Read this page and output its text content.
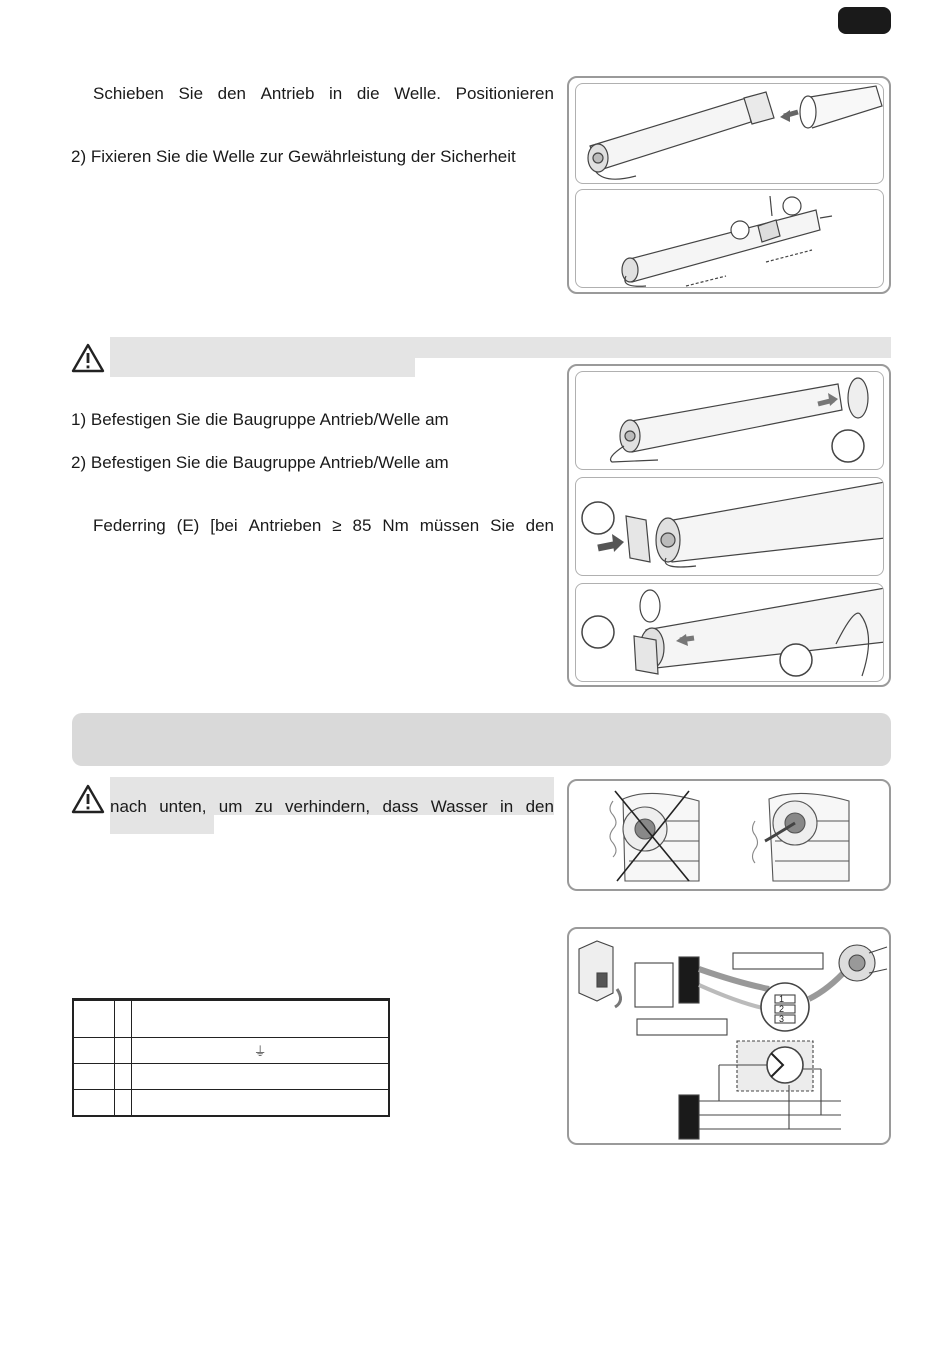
Schieben Sie den Antrieb in die Welle. Positionieren
2) Fixieren Sie die Welle zur Gewährleistung der Sicherheit
1) Befestigen Sie die Baugruppe Antrieb/Welle am
2) Befestigen Sie die Baugruppe Antrieb/Welle am
Federring (E) [bei Antrieben ≥ 85 Nm müssen Sie den
nach unten, um zu verhindern, dass Wasser in den

		⏚

1
2
3
